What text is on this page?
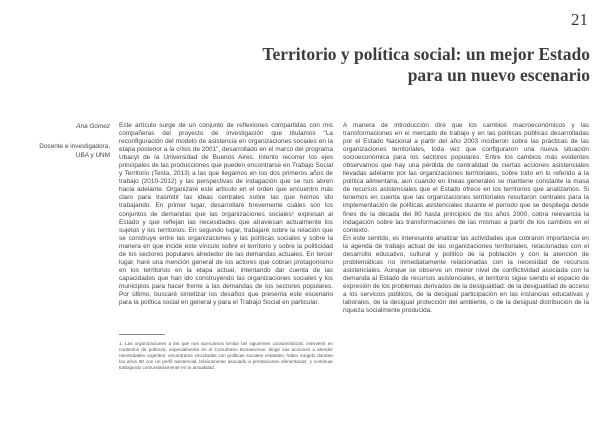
21
Territorio y política social: un mejor Estado
para un nuevo escenario
Ana Gómez
Docente e investigadora, UBA y UNM

Este artículo surge de un conjunto de reflexiones compartidas con mis compañeras del proyecto de investigación que titulamos "La reconfiguración del modelo de asistencia en organizaciones sociales en la etapa posterior a la crisis de 2001", desarrollado en el marco del programa Ubacyt de la Universidad de Buenos Aires. Intento recorrer los ejes principales de las producciones que pueden encontrarse en Trabajo Social y Territorio (Testa, 2013) a las que llegamos en los dos primeros años de trabajo (2010-2012) y las perspectivas de indagación que se nos abren hacia adelante. Organizaré este artículo en el orden que encuentro más claro para trasmitir las ideas centrales sobre las que hemos ido trabajando. En primer lugar, desarrollaré brevemente cuáles son los conjuntos de demandas que las organizaciones sociales¹ expresan al Estado y que reflejan las necesidades que atraviesan actualmente los sujetos y los territorios. En segundo lugar, trabajaré sobre la relación que se construye entre las organizaciones y las políticas sociales y sobre la manera en que incide este vínculo sobre el territorio y sobre la politicidad de los sectores populares alrededor de las demandas actuales. En tercer lugar, haré una mención general de los actores que cobran protagonismo en los territorios en la etapa actual, intentando dar cuenta de las capacidades que han ido construyendo las organizaciones sociales y los municipios para hacer frente a las demandas de los sectores populares. Por último, buscaré sintetizar los desafíos que presenta este escenario para la política social en general y para el Trabajo Social en particular.

A manera de introducción diré que los cambios macroeconómicos y las transformaciones en el mercado de trabajo y en las políticas públicas desarrolladas por el Estado Nacional a partir del año 2003 incidieron sobre las prácticas de las organizaciones territoriales, toda vez que configuraron una nueva situación socioeconómica para los sectores populares. Entre los cambios más evidentes observamos que hay una pérdida de centralidad de ciertas acciones asistenciales llevadas adelante por las organizaciones territoriales, sobre todo en lo referido a la política alimentaria, aun cuando en líneas generales se mantiene constante la masa de recursos asistenciales que el Estado ofrece en los territorios que analizamos. Si tenemos en cuenta que las organizaciones territoriales resultaron centrales para la implementación de políticas asistenciales durante el período que se despliega desde fines de la década del 80 hasta principios de los años 2000, cobra relevancia la indagación sobre las transformaciones de las mismas a partir de los cambios en el contexto.

En este sentido, es interesante analizar las actividades que cobraron importancia en la agenda de trabajo actual de las organizaciones territoriales, relacionadas con el desarrollo educativo, cultural y político de la población y con la atención de problemáticas no inmediatamente relacionadas con la necesidad de recursos asistenciales. Aunque se observe un menor nivel de conflictividad asociada con la demanda al Estado de recursos asistenciales, el territorio sigue siendo el espacio de expresión de los problemas derivados de la desigualdad: de la desigualdad de acceso a los servicios públicos, de la desigual participación en las instancias educativas y laborales, de la desigual protección del ambiente, o de la desigual distribución de la riqueza socialmente producida.

1. Las organizaciones a las que nos acercamos tenían las siguientes características: intervenir en contextos de pobreza, especialmente en el Conurbano Bonaerense; dirigir sus acciones a atender necesidades urgentes; encontrarse vinculadas con políticas sociales estatales; haber surgido durante los años 80 con un perfil asistencial, básicamente asociado a prestaciones alimentarias; y continuar trabajando comunitariamente en la actualidad.
